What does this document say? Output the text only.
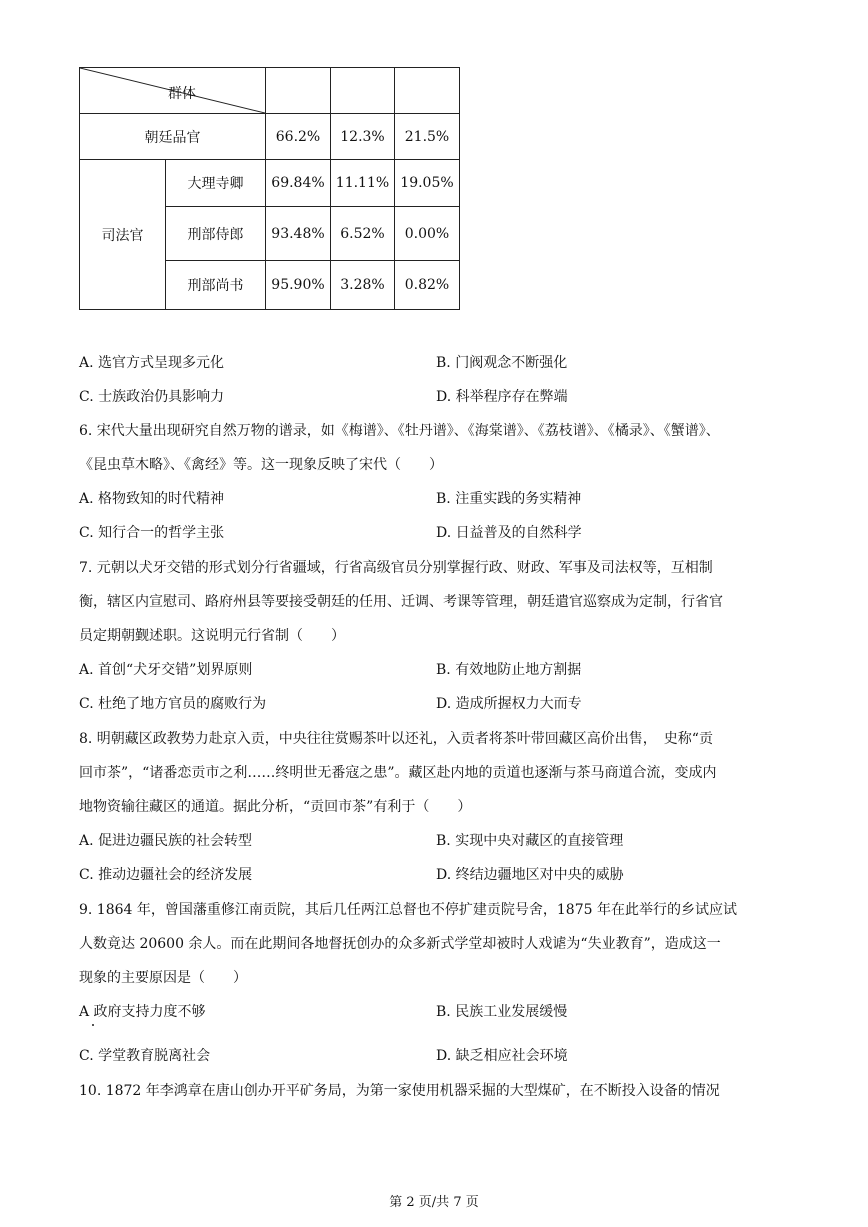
群体				

朝廷品官		66.2%	12.3%	21.5%
司法官	大理寺卿	69.84%	11.11%	19.05%
	刑部侍郎	93.48%	6.52%	0.00%
	刑部尚书	95.90%	3.28%	0.82%
A. 选官方式呈现多元化	B. 门阀观念不断强化
C. 士族政治仍具影响力	D. 科举程序存在弊端
6. 宋代大量出现研究自然万物的谱录，如《梅谱》、《牡丹谱》、《海棠谱》、《荔枝谱》、《橘录》、《蟹谱》、
《昆虫草木略》、《禽经》等。这一现象反映了宋代（　　）
A. 格物致知的时代精神	B. 注重实践的务实精神
C. 知行合一的哲学主张	D. 日益普及的自然科学
7. 元朝以犬牙交错的形式划分行省疆域，行省高级官员分别掌握行政、财政、军事及司法权等，互相制
衡，辖区内宣慰司、路府州县等要接受朝廷的任用、迁调、考课等管理，朝廷遣官巡察成为定制，行省官
员定期朝觐述职。这说明元行省制（　　）
A. 首创“犬牙交错”划界原则	B. 有效地防止地方割据
C. 杜绝了地方官员的腐败行为	D. 造成所握权力大而专
8. 明朝藏区政教势力赴京入贡，中央往往赏赐茶叶以还礼，入贡者将茶叶带回藏区高价出售，　史称“贡
回市茶”，“诸番恋贡市之利……终明世无番寇之患”。藏区赴内地的贡道也逐渐与茶马商道合流，变成内
地物资输往藏区的通道。据此分析，“贡回市茶”有利于（　　）
A. 促进边疆民族的社会转型	B. 实现中央对藏区的直接管理
C. 推动边疆社会的经济发展	D. 终结边疆地区对中央的威胁
9. 1864 年，曾国藩重修江南贡院，其后几任两江总督也不停扩建贡院号舍，1875 年在此举行的乡试应试
人数竟达 20600 余人。而在此期间各地督抚创办的众多新式学堂却被时人戏谑为“失业教育”，造成这一
现象的主要原因是（　　）
A 政府支持力度不够	B. 民族工业发展缓慢
C. 学堂教育脱离社会	D. 缺乏相应社会环境
10. 1872 年李鸿章在唐山创办开平矿务局，为第一家使用机器采掘的大型煤矿，在不断投入设备的情况
第 2 页/共 7 页
